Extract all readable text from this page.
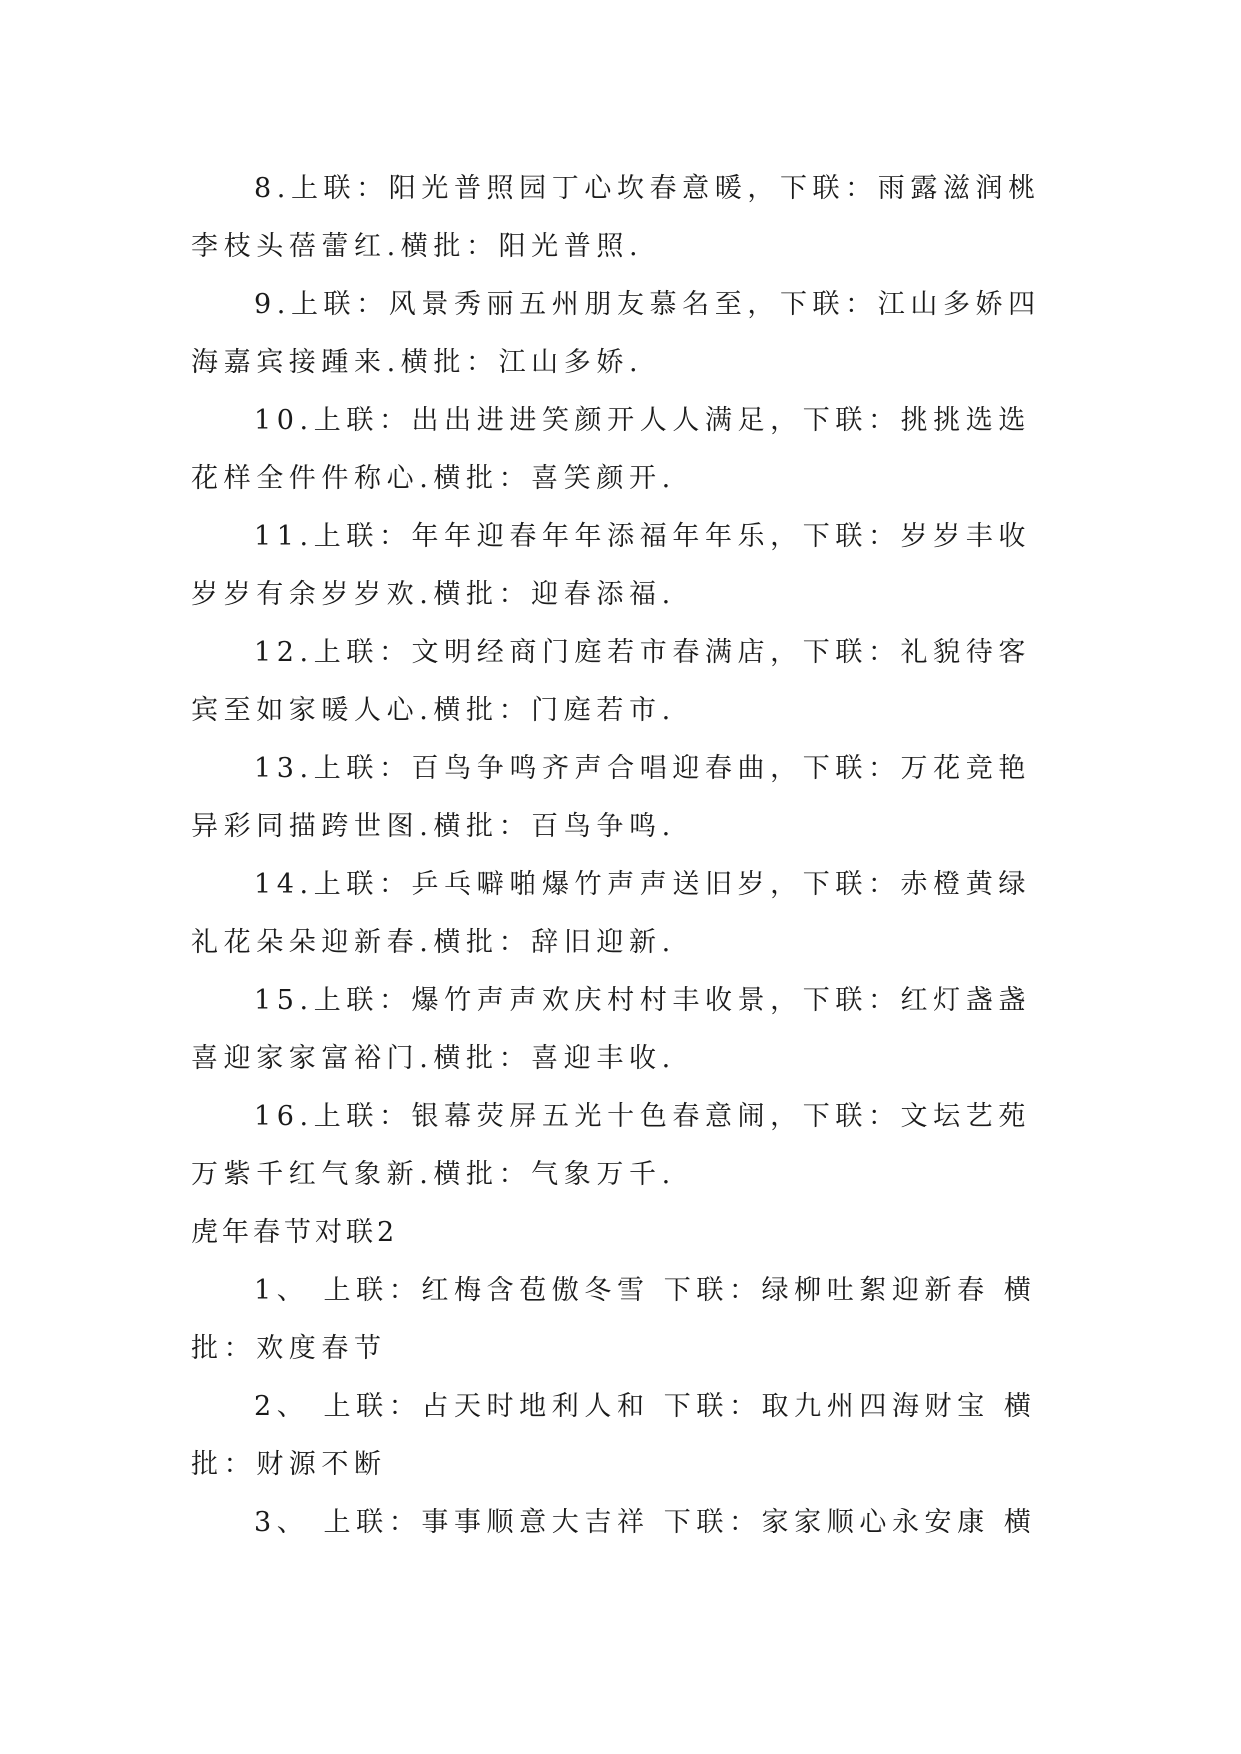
8.上联：阳光普照园丁心坎春意暖，下联：雨露滋润桃
李枝头蓓蕾红.横批：阳光普照.
9.上联：风景秀丽五州朋友慕名至，下联：江山多娇四
海嘉宾接踵来.横批：江山多娇.
10.上联：出出进进笑颜开人人满足，下联：挑挑选选
花样全件件称心.横批：喜笑颜开.
11.上联：年年迎春年年添福年年乐，下联：岁岁丰收
岁岁有余岁岁欢.横批：迎春添福.
12.上联：文明经商门庭若市春满店，下联：礼貌待客
宾至如家暖人心.横批：门庭若市.
13.上联：百鸟争鸣齐声合唱迎春曲，下联：万花竞艳
异彩同描跨世图.横批：百鸟争鸣.
14.上联：乒乓噼啪爆竹声声送旧岁，下联：赤橙黄绿
礼花朵朵迎新春.横批：辞旧迎新.
15.上联：爆竹声声欢庆村村丰收景，下联：红灯盏盏
喜迎家家富裕门.横批：喜迎丰收.
16.上联：银幕荧屏五光十色春意闹，下联：文坛艺苑
万紫千红气象新.横批：气象万千.
虎年春节对联2
1、 上联：红梅含苞傲冬雪 下联：绿柳吐絮迎新春 横
批：欢度春节
2、 上联：占天时地利人和 下联：取九州四海财宝 横
批：财源不断
3、 上联：事事顺意大吉祥 下联：家家顺心永安康 横
